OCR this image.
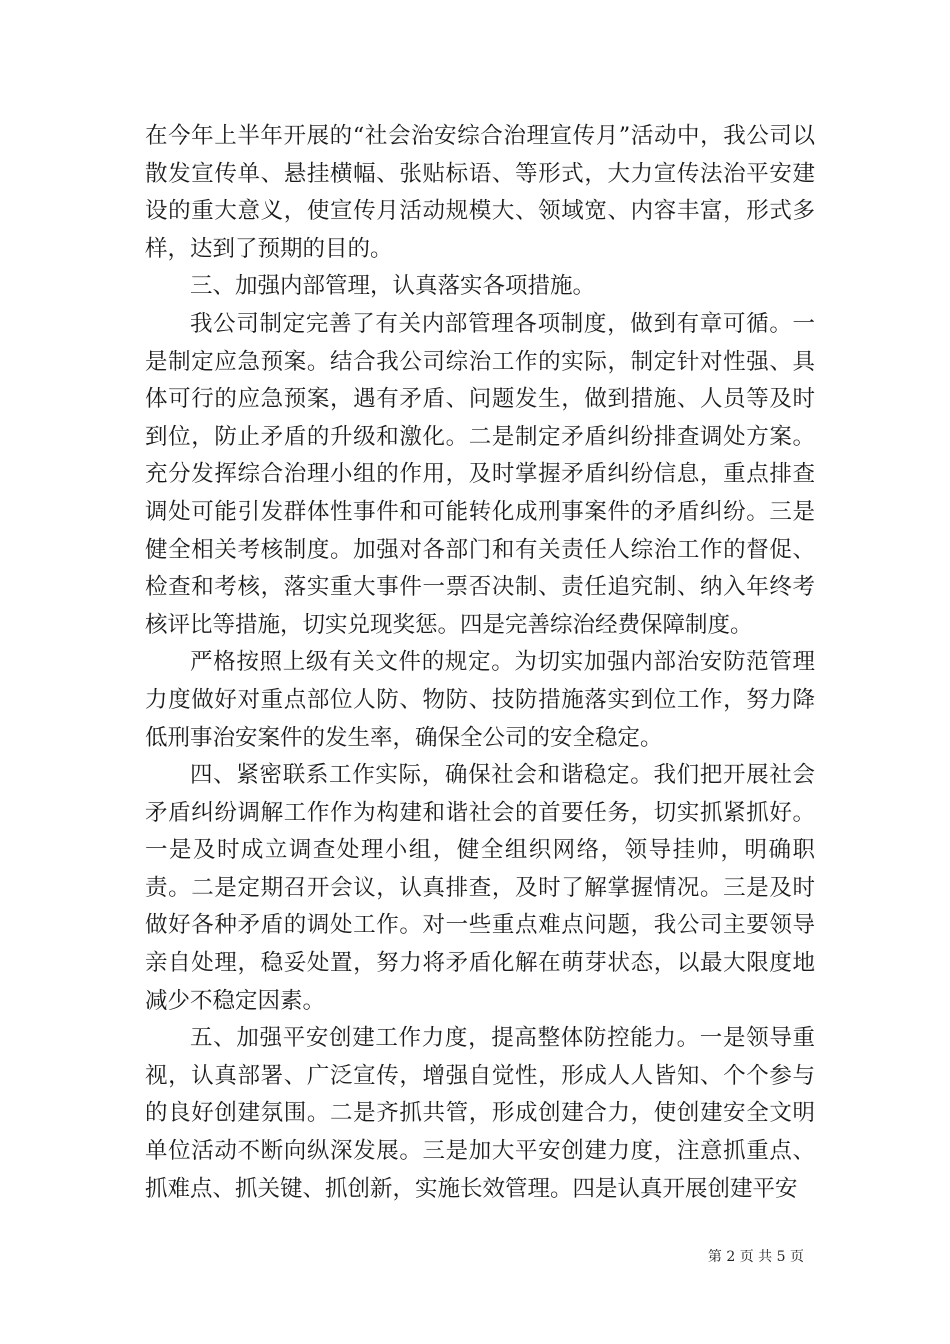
在今年上半年开展的“社会治安综合治理宣传月”活动中，我公司以散发宣传单、悬挂横幅、张贴标语、等形式，大力宣传法治平安建设的重大意义，使宣传月活动规模大、领域宽、内容丰富，形式多样，达到了预期的目的。

三、加强内部管理，认真落实各项措施。

我公司制定完善了有关内部管理各项制度，做到有章可循。一是制定应急预案。结合我公司综治工作的实际，制定针对性强、具体可行的应急预案，遇有矛盾、问题发生，做到措施、人员等及时到位，防止矛盾的升级和激化。二是制定矛盾纠纷排查调处方案。充分发挥综合治理小组的作用，及时掌握矛盾纠纷信息，重点排查调处可能引发群体性事件和可能转化成刑事案件的矛盾纠纷。三是健全相关考核制度。加强对各部门和有关责任人综治工作的督促、检查和考核，落实重大事件一票否决制、责任追究制、纳入年终考核评比等措施，切实兑现奖惩。四是完善综治经费保障制度。

严格按照上级有关文件的规定。为切实加强内部治安防范管理力度做好对重点部位人防、物防、技防措施落实到位工作，努力降低刑事治安案件的发生率，确保全公司的安全稳定。

四、紧密联系工作实际，确保社会和谐稳定。我们把开展社会矛盾纠纷调解工作作为构建和谐社会的首要任务，切实抓紧抓好。一是及时成立调查处理小组，健全组织网络，领导挂帅，明确职责。二是定期召开会议，认真排查，及时了解掌握情况。三是及时做好各种矛盾的调处工作。对一些重点难点问题，我公司主要领导亲自处理，稳妥处置，努力将矛盾化解在萌芽状态，以最大限度地减少不稳定因素。

五、加强平安创建工作力度，提高整体防控能力。一是领导重视，认真部署、广泛宣传，增强自觉性，形成人人皆知、个个参与的良好创建氛围。二是齐抓共管，形成创建合力，使创建安全文明单位活动不断向纵深发展。三是加大平安创建力度，注意抓重点、抓难点、抓关键、抓创新，实施长效管理。四是认真开展创建平安

第 2 页 共 5 页
